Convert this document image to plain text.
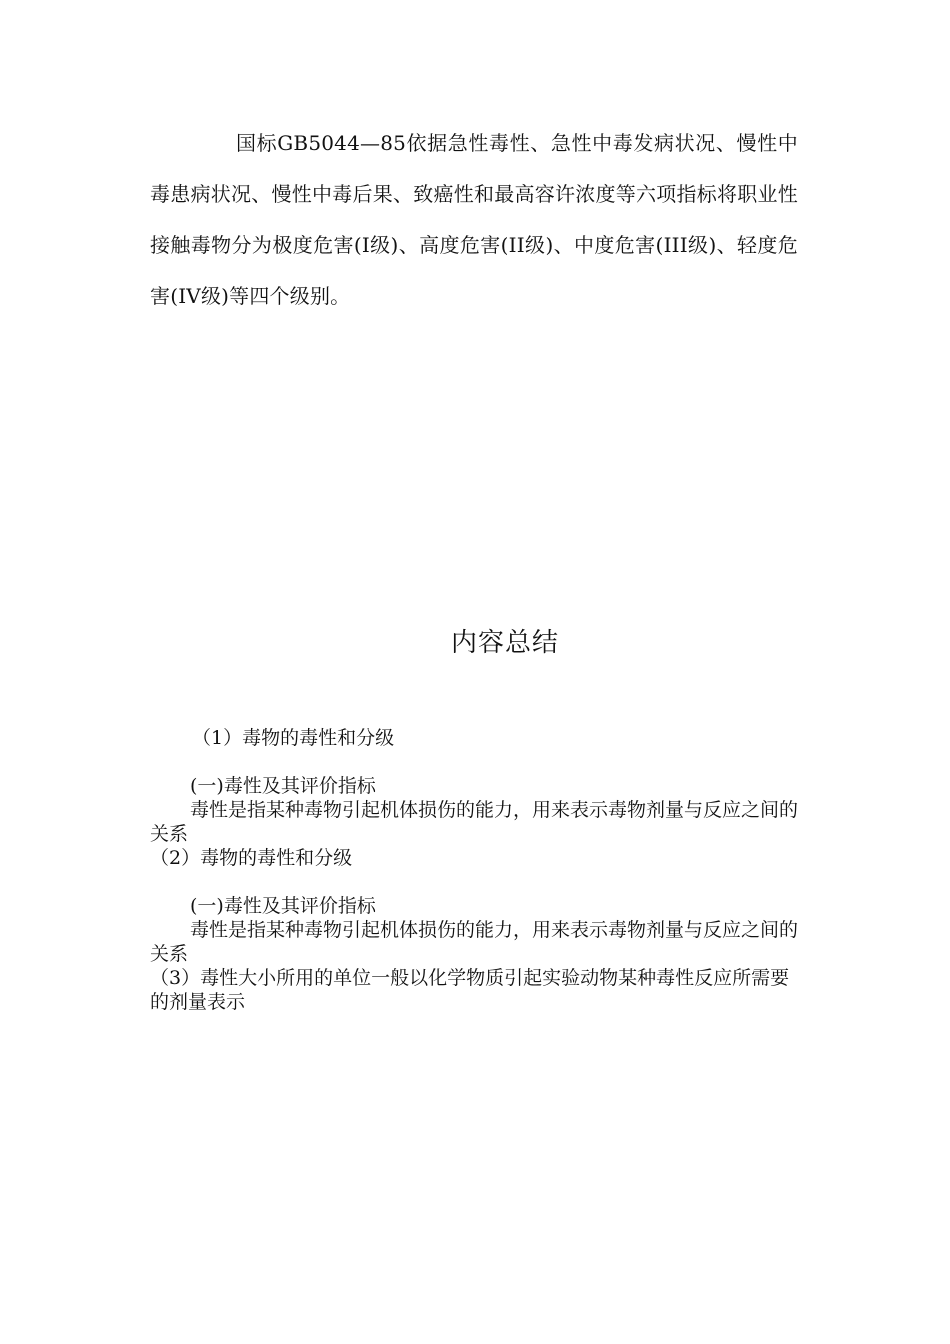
国标GB5044—85依据急性毒性、急性中毒发病状况、慢性中毒患病状况、慢性中毒后果、致癌性和最高容许浓度等六项指标将职业性接触毒物分为极度危害(I级)、高度危害(II级)、中度危害(III级)、轻度危害(IV级)等四个级别。

内容总结

（1）毒物的毒性和分级

(一)毒性及其评价指标

毒性是指某种毒物引起机体损伤的能力，用来表示毒物剂量与反应之间的关系

（2）毒物的毒性和分级

(一)毒性及其评价指标

毒性是指某种毒物引起机体损伤的能力，用来表示毒物剂量与反应之间的关系

（3）毒性大小所用的单位一般以化学物质引起实验动物某种毒性反应所需要的剂量表示
